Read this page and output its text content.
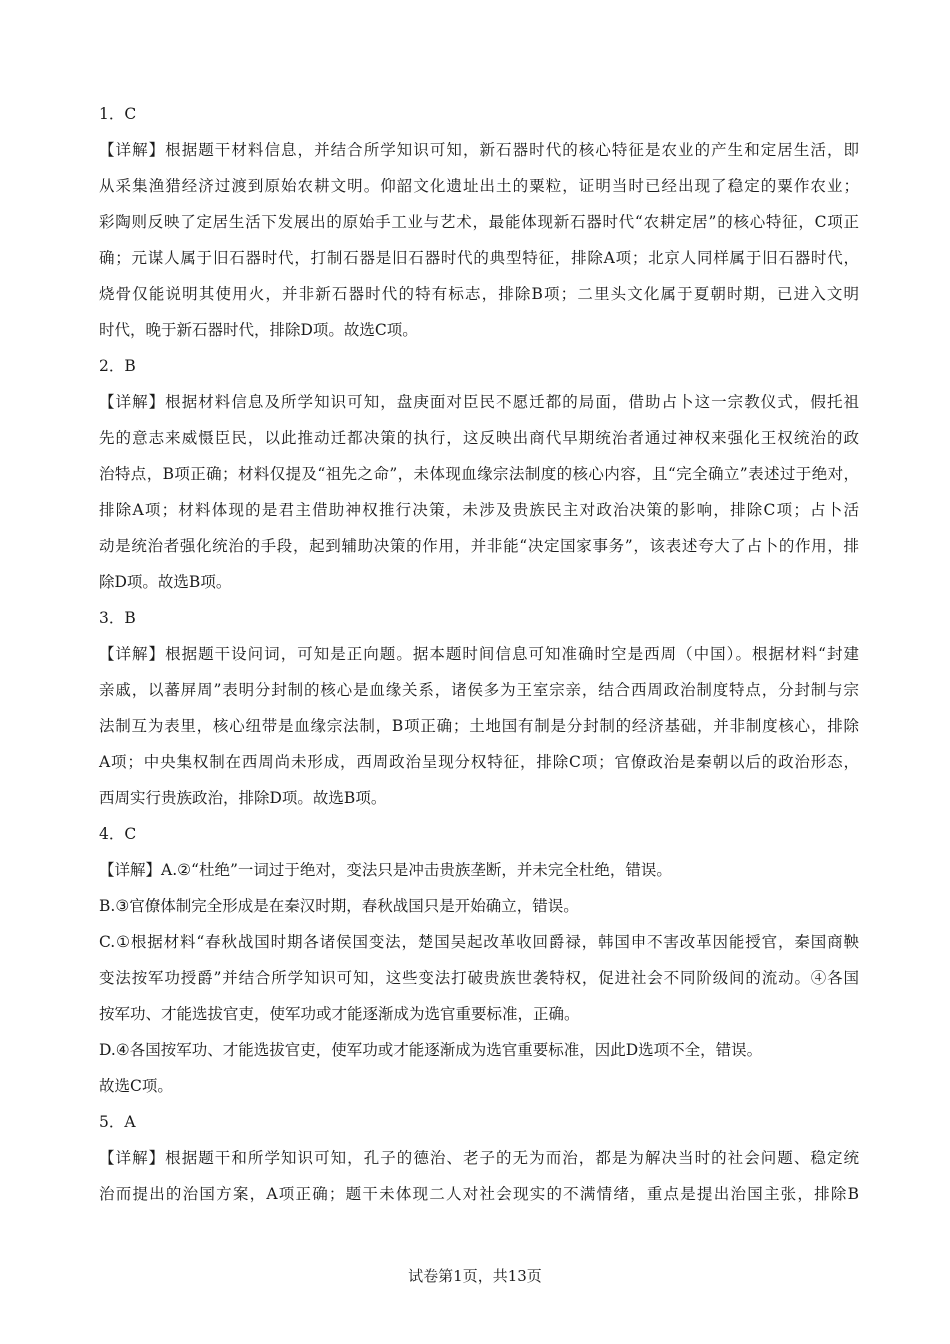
1．C
【详解】根据题干材料信息，并结合所学知识可知，新石器时代的核心特征是农业的产生和定居生活，即
从采集渔猎经济过渡到原始农耕文明。仰韶文化遗址出土的粟粒，证明当时已经出现了稳定的粟作农业；
彩陶则反映了定居生活下发展出的原始手工业与艺术，最能体现新石器时代“农耕定居”的核心特征，C项正
确；元谋人属于旧石器时代，打制石器是旧石器时代的典型特征，排除A项；北京人同样属于旧石器时代，
烧骨仅能说明其使用火，并非新石器时代的特有标志，排除B项；二里头文化属于夏朝时期，已进入文明
时代，晚于新石器时代，排除D项。故选C项。
2．B
【详解】根据材料信息及所学知识可知，盘庚面对臣民不愿迁都的局面，借助占卜这一宗教仪式，假托祖
先的意志来威慑臣民，以此推动迁都决策的执行，这反映出商代早期统治者通过神权来强化王权统治的政
治特点，B项正确；材料仅提及“祖先之命”，未体现血缘宗法制度的核心内容，且“完全确立”表述过于绝对，
排除A项；材料体现的是君主借助神权推行决策，未涉及贵族民主对政治决策的影响，排除C项；占卜活
动是统治者强化统治的手段，起到辅助决策的作用，并非能“决定国家事务”，该表述夸大了占卜的作用，排
除D项。故选B项。
3．B
【详解】根据题干设问词，可知是正向题。据本题时间信息可知准确时空是西周（中国）。根据材料“封建
亲戚，以蕃屏周”表明分封制的核心是血缘关系，诸侯多为王室宗亲，结合西周政治制度特点，分封制与宗
法制互为表里，核心纽带是血缘宗法制，B项正确；土地国有制是分封制的经济基础，并非制度核心，排除
A项；中央集权制在西周尚未形成，西周政治呈现分权特征，排除C项；官僚政治是秦朝以后的政治形态，
西周实行贵族政治，排除D项。故选B项。
4．C
【详解】A.②“杜绝”一词过于绝对，变法只是冲击贵族垄断，并未完全杜绝，错误。
B.③官僚体制完全形成是在秦汉时期，春秋战国只是开始确立，错误。
C.①根据材料“春秋战国时期各诸侯国变法，楚国吴起改革收回爵禄，韩国申不害改革因能授官，秦国商鞅
变法按军功授爵”并结合所学知识可知，这些变法打破贵族世袭特权，促进社会不同阶级间的流动。④各国
按军功、才能选拔官吏，使军功或才能逐渐成为选官重要标准，正确。
D.④各国按军功、才能选拔官吏，使军功或才能逐渐成为选官重要标准，因此D选项不全，错误。
故选C项。
5．A
【详解】根据题干和所学知识可知，孔子的德治、老子的无为而治，都是为解决当时的社会问题、稳定统
治而提出的治国方案，A项正确；题干未体现二人对社会现实的不满情绪，重点是提出治国主张，排除B
试卷第1页，共13页
